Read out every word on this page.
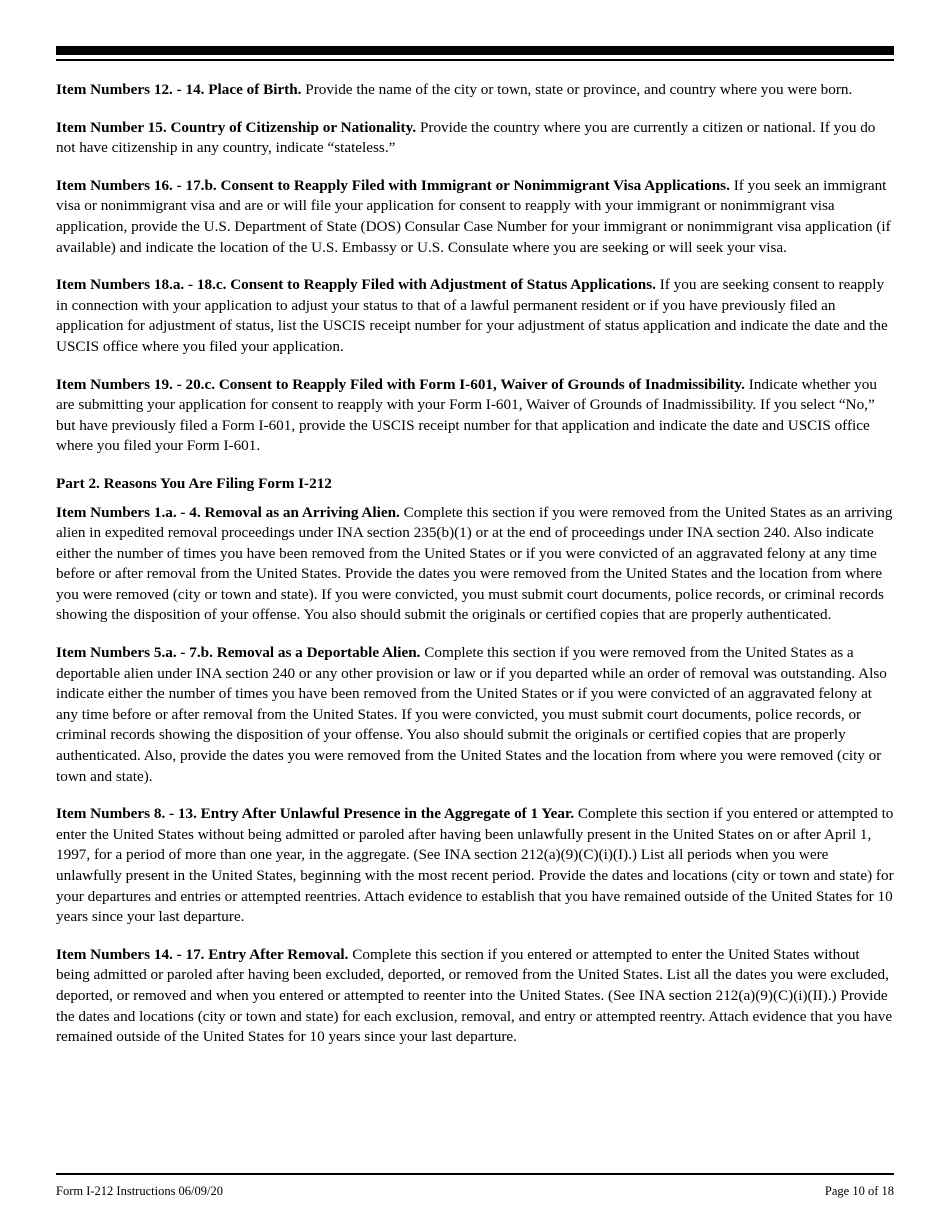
Item Numbers 12. - 14. Place of Birth. Provide the name of the city or town, state or province, and country where you were born.

Item Number 15. Country of Citizenship or Nationality. Provide the country where you are currently a citizen or national. If you do not have citizenship in any country, indicate “stateless.”

Item Numbers 16. - 17.b. Consent to Reapply Filed with Immigrant or Nonimmigrant Visa Applications. If you seek an immigrant visa or nonimmigrant visa and are or will file your application for consent to reapply with your immigrant or nonimmigrant visa application, provide the U.S. Department of State (DOS) Consular Case Number for your immigrant or nonimmigrant visa application (if available) and indicate the location of the U.S. Embassy or U.S. Consulate where you are seeking or will seek your visa.

Item Numbers 18.a. - 18.c. Consent to Reapply Filed with Adjustment of Status Applications. If you are seeking consent to reapply in connection with your application to adjust your status to that of a lawful permanent resident or if you have previously filed an application for adjustment of status, list the USCIS receipt number for your adjustment of status application and indicate the date and the USCIS office where you filed your application.

Item Numbers 19. - 20.c. Consent to Reapply Filed with Form I-601, Waiver of Grounds of Inadmissibility. Indicate whether you are submitting your application for consent to reapply with your Form I-601, Waiver of Grounds of Inadmissibility. If you select “No,” but have previously filed a Form I-601, provide the USCIS receipt number for that application and indicate the date and USCIS office where you filed your Form I-601.

Part 2. Reasons You Are Filing Form I-212

Item Numbers 1.a. - 4. Removal as an Arriving Alien. Complete this section if you were removed from the United States as an arriving alien in expedited removal proceedings under INA section 235(b)(1) or at the end of proceedings under INA section 240. Also indicate either the number of times you have been removed from the United States or if you were convicted of an aggravated felony at any time before or after removal from the United States. Provide the dates you were removed from the United States and the location from where you were removed (city or town and state). If you were convicted, you must submit court documents, police records, or criminal records showing the disposition of your offense. You also should submit the originals or certified copies that are properly authenticated.

Item Numbers 5.a. - 7.b. Removal as a Deportable Alien. Complete this section if you were removed from the United States as a deportable alien under INA section 240 or any other provision or law or if you departed while an order of removal was outstanding. Also indicate either the number of times you have been removed from the United States or if you were convicted of an aggravated felony at any time before or after removal from the United States. If you were convicted, you must submit court documents, police records, or criminal records showing the disposition of your offense. You also should submit the originals or certified copies that are properly authenticated. Also, provide the dates you were removed from the United States and the location from where you were removed (city or town and state).

Item Numbers 8. - 13. Entry After Unlawful Presence in the Aggregate of 1 Year. Complete this section if you entered or attempted to enter the United States without being admitted or paroled after having been unlawfully present in the United States on or after April 1, 1997, for a period of more than one year, in the aggregate. (See INA section 212(a)(9)(C)(i)(I).) List all periods when you were unlawfully present in the United States, beginning with the most recent period. Provide the dates and locations (city or town and state) for your departures and entries or attempted reentries. Attach evidence to establish that you have remained outside of the United States for 10 years since your last departure.

Item Numbers 14. - 17. Entry After Removal. Complete this section if you entered or attempted to enter the United States without being admitted or paroled after having been excluded, deported, or removed from the United States. List all the dates you were excluded, deported, or removed and when you entered or attempted to reenter into the United States. (See INA section 212(a)(9)(C)(i)(II).) Provide the dates and locations (city or town and state) for each exclusion, removal, and entry or attempted reentry. Attach evidence that you have remained outside of the United States for 10 years since your last departure.

Form I-212 Instructions 06/09/20	Page 10 of 18
